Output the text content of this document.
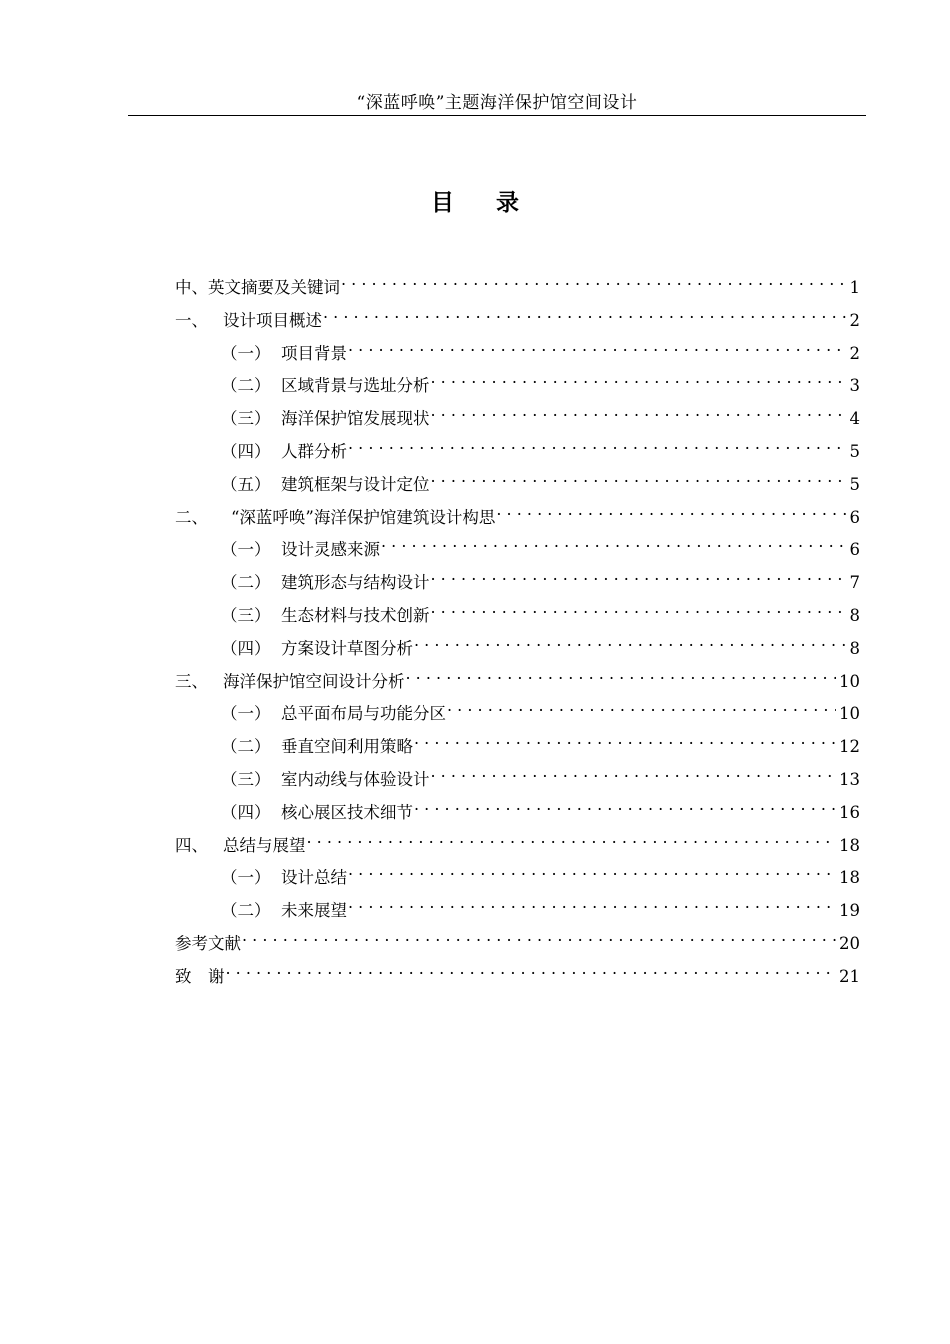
“深蓝呼唤”主题海洋保护馆空间设计
目 录
中、英文摘要及关键词 . . .	1
一、 设计项目概述 . . .	2
（一） 项目背景 . . .	2
（二） 区域背景与选址分析 . . .	3
（三） 海洋保护馆发展现状 . . .	4
（四） 人群分析 . . .	5
（五） 建筑框架与设计定位 . . .	5
二、	“深蓝呼唤”海洋保护馆建筑设计构思 . . .	6
（一） 设计灵感来源 . . .	6
（二） 建筑形态与结构设计 . . .	7
（三） 生态材料与技术创新 . . .	8
（四） 方案设计草图分析 . . .	8
三、 海洋保护馆空间设计分析 . . .	10
（一） 总平面布局与功能分区 . . .	10
（二） 垂直空间利用策略 . . .	12
（三） 室内动线与体验设计 . . .	13
（四） 核心展区技术细节 . . .	16
四、 总结与展望 . . .	18
（一） 设计总结 . . .	18
（二） 未来展望 . . .	19
参考文献 . . .	20
致　谢 . . .	21
